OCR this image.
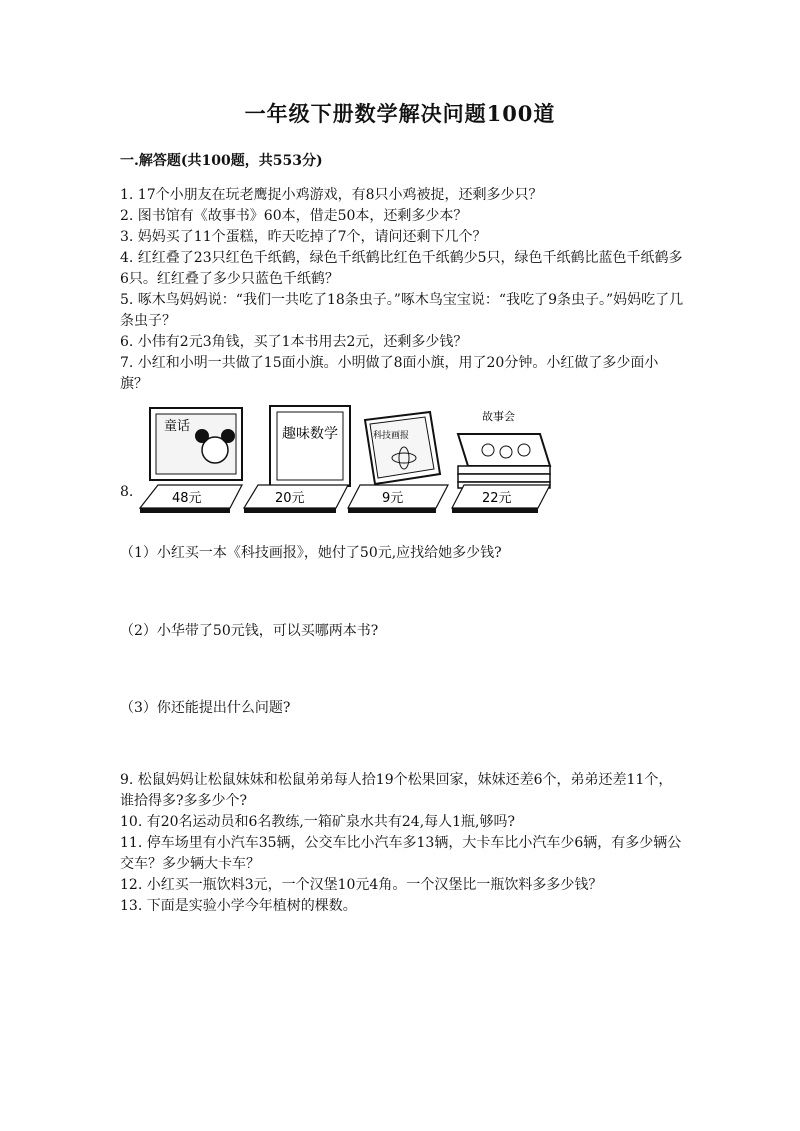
一年级下册数学解决问题100道
一.解答题(共100题，共553分)

1. 17个小朋友在玩老鹰捉小鸡游戏，有8只小鸡被捉，还剩多少只？

2. 图书馆有《故事书》60本，借走50本，还剩多少本？

3. 妈妈买了11个蛋糕，昨天吃掉了7个，请问还剩下几个？

4. 红红叠了23只红色千纸鹤，绿色千纸鹤比红色千纸鹤少5只，绿色千纸鹤比蓝色千纸鹤多6只。红红叠了多少只蓝色千纸鹤？

5. 啄木鸟妈妈说：“我们一共吃了18条虫子。”啄木鸟宝宝说：“我吃了9条虫子。”妈妈吃了几条虫子？

6. 小伟有2元3角钱，买了1本书用去2元，还剩多少钱？

7. 小红和小明一共做了15面小旗。小明做了8面小旗，用了20分钟。小红做了多少面小旗？

8.
童话	趣味数学	科技画报
故事会
48元	20元	9元	22元
（1）小红买一本《科技画报》，她付了50元,应找给她多少钱?
（2）小华带了50元钱，可以买哪两本书?
（3）你还能提出什么问题?

9. 松鼠妈妈让松鼠妹妹和松鼠弟弟每人拾19个松果回家，妹妹还差6个，弟弟还差11个，谁拾得多?多多少个?

10. 有20名运动员和6名教练,一箱矿泉水共有24,每人1瓶,够吗?

11. 停车场里有小汽车35辆，公交车比小汽车多13辆，大卡车比小汽车少6辆，有多少辆公交车？多少辆大卡车？

12. 小红买一瓶饮料3元，一个汉堡10元4角。一个汉堡比一瓶饮料多多少钱？

13. 下面是实验小学今年植树的棵数。
